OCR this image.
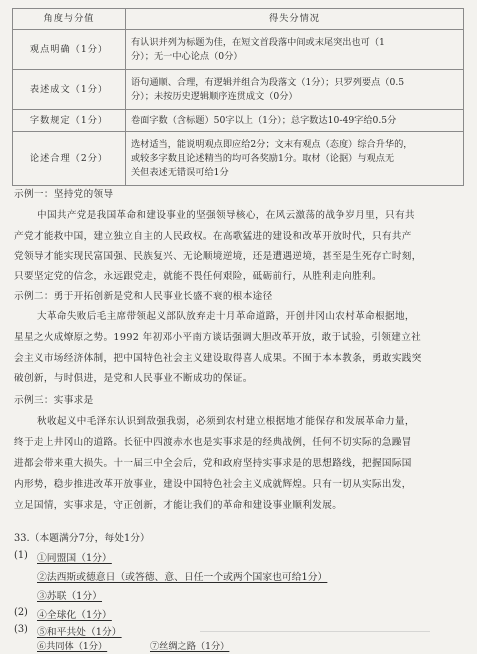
角度与分值	得失分情况
观点明确（1分）	有认识并列为标题为佳，在短文首段落中间或末尾突出也可（1
分）；无一中心论点（0分）

表述成文（1分）	语句通顺、合理，有逻辑并组合为段落文（1分）；只罗列要点（0.5
分）；未按历史逻辑顺序连贯成文（0分）

字数规定（1分）	卷面字数（含标题）50字以上（1分）；总字数达10-49字给0.5分

论述合理（2分）	选材适当，能说明观点即应给2分；文末有观点（态度）综合升华的，
或较多字数且论述精当的均可各奖励1分。取材（论据）与观点无
关但表述无错误可给1分
示例一：坚持党的领导
中国共产党是我国革命和建设事业的坚强领导核心，在风云激荡的战争岁月里，只有共
产党才能救中国，建立独立自主的人民政权。在高歌猛进的建设和改革开放时代，只有共产
党领导才能实现民富国强、民族复兴、无论顺境逆境，还是遭遇逆境，甚至是生死存亡时刻，
只要坚定党的信念，永远跟党走，就能不畏任何艰险，砥砺前行，从胜利走向胜利。
示例二：勇于开拓创新是党和人民事业长盛不衰的根本途径
大革命失败后毛主席带领起义部队放弃走十月革命道路，开创井冈山农村革命根据地，
星星之火成燎原之势。1992 年初邓小平南方谈话强调大胆改革开放，敢于试验，引领建立社
会主义市场经济体制，把中国特色社会主义建设取得喜人成果。不囿于本本教条，勇敢实践突
破创新，与时俱进，是党和人民事业不断成功的保证。
示例三：实事求是
秋收起义中毛泽东认识到敌强我弱，必须到农村建立根据地才能保存和发展革命力量，
终于走上井冈山的道路。长征中四渡赤水也是实事求是的经典战例，任何不切实际的急躁冒
进都会带来重大损失。十一届三中全会后，党和政府坚持实事求是的思想路线，把握国际国
内形势，稳步推进改革开放事业，建设中国特色社会主义成就辉煌。只有一切从实际出发，
立足国情，实事求是，守正创新，才能让我们的革命和建设事业顺利发展。
33.（本题满分7分，每处1分）
(1) ①同盟国（1分）
②法西斯或德意日（或答德、意、日任一个或两个国家也可给1分）
③苏联（1分）
(2) ④全球化（1分）
(3) ⑤和平共处（1分）
⑥共同体（1分）	⑦丝绸之路（1分）
